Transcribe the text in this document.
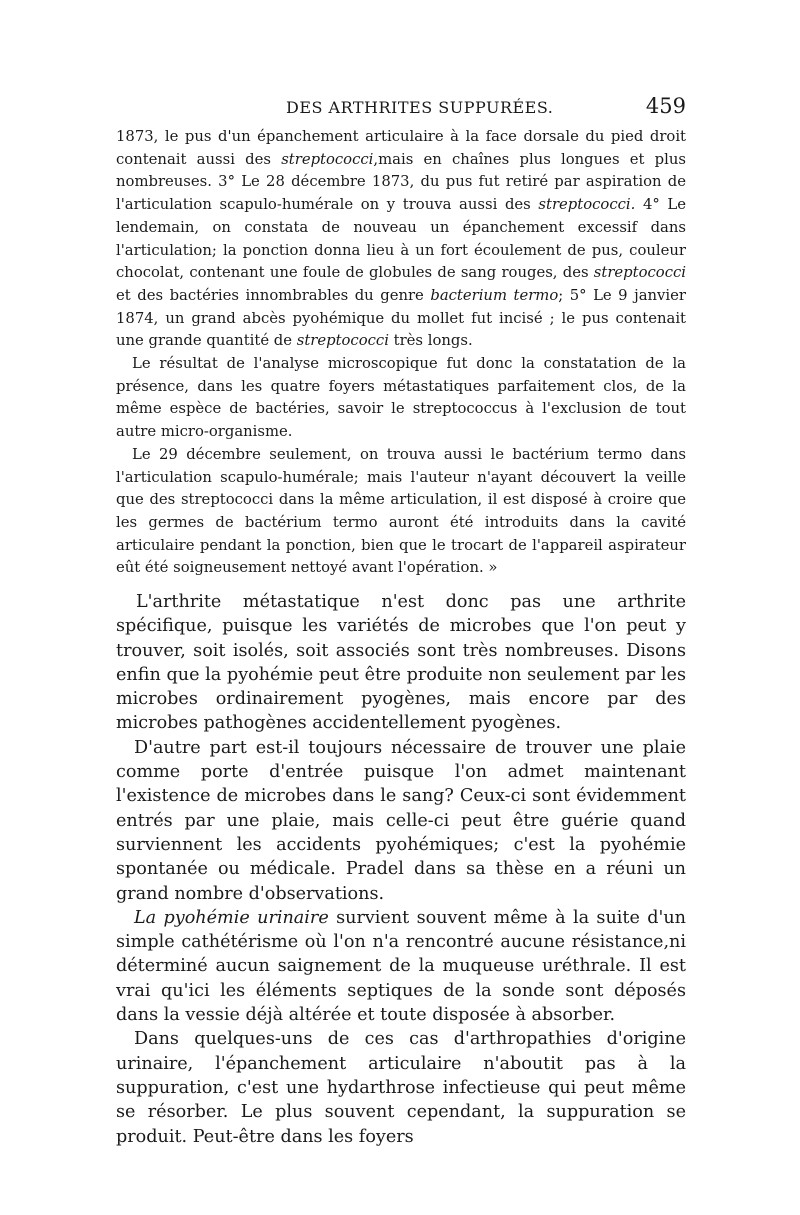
DES ARTHRITES SUPPURÉES.	459

1873, le pus d'un épanchement articulaire à la face dorsale du pied droit contenait aussi des streptococci,mais en chaînes plus longues et plus nombreuses. 3° Le 28 décembre 1873, du pus fut retiré par aspiration de l'articulation scapulo-humérale on y trouva aussi des streptococci. 4° Le lendemain, on constata de nouveau un épanchement excessif dans l'articulation; la ponction donna lieu à un fort écoulement de pus, couleur chocolat, contenant une foule de globules de sang rouges, des streptococci et des bactéries innombrables du genre bacterium termo; 5° Le 9 janvier 1874, un grand abcès pyohémique du mollet fut incisé ; le pus contenait une grande quantité de streptococci très longs.

Le résultat de l'analyse microscopique fut donc la constatation de la présence, dans les quatre foyers métastatiques parfaitement clos, de la même espèce de bactéries, savoir le streptococcus à l'exclusion de tout autre micro-organisme.

Le 29 décembre seulement, on trouva aussi le bactérium termo dans l'articulation scapulo-humérale; mais l'auteur n'ayant découvert la veille que des streptococci dans la même articulation, il est disposé à croire que les germes de bactérium termo auront été introduits dans la cavité articulaire pendant la ponction, bien que le trocart de l'appareil aspirateur eût été soigneusement nettoyé avant l'opération. »

L'arthrite métastatique n'est donc pas une arthrite spécifique, puisque les variétés de microbes que l'on peut y trouver, soit isolés, soit associés sont très nombreuses. Disons enfin que la pyohémie peut être produite non seulement par les microbes ordinairement pyogènes, mais encore par des microbes pathogènes accidentellement pyogènes.

D'autre part est-il toujours nécessaire de trouver une plaie comme porte d'entrée puisque l'on admet maintenant l'existence de microbes dans le sang? Ceux-ci sont évidemment entrés par une plaie, mais celle-ci peut être guérie quand surviennent les accidents pyohémiques; c'est la pyohémie spontanée ou médicale. Pradel dans sa thèse en a réuni un grand nombre d'observations.

La pyohémie urinaire survient souvent même à la suite d'un simple cathétérisme où l'on n'a rencontré aucune résistance,ni déterminé aucun saignement de la muqueuse uréthrale. Il est vrai qu'ici les éléments septiques de la sonde sont déposés dans la vessie déjà altérée et toute disposée à absorber.

Dans quelques-uns de ces cas d'arthropathies d'origine urinaire, l'épanchement articulaire n'aboutit pas à la suppuration, c'est une hydarthrose infectieuse qui peut même se résorber. Le plus souvent cependant, la suppuration se produit. Peut-être dans les foyers
